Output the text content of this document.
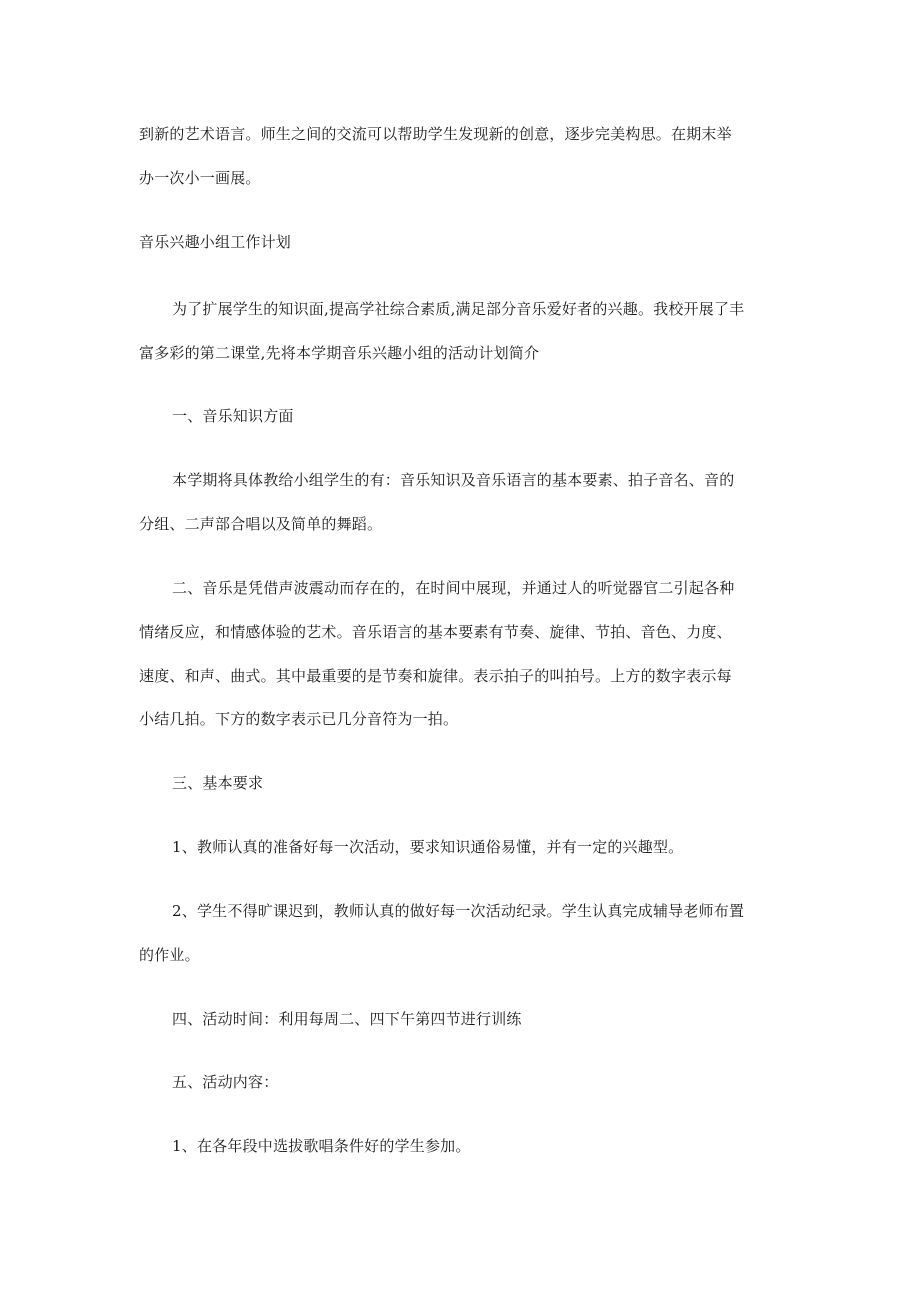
到新的艺术语言。师生之间的交流可以帮助学生发现新的创意，逐步完美构思。在期末举
办一次小一画展。
音乐兴趣小组工作计划
为了扩展学生的知识面,提高学社综合素质,满足部分音乐爱好者的兴趣。我校开展了丰
富多彩的第二课堂,先将本学期音乐兴趣小组的活动计划简介
一、音乐知识方面
本学期将具体教给小组学生的有：音乐知识及音乐语言的基本要素、拍子音名、音的
分组、二声部合唱以及简单的舞蹈。
二、音乐是凭借声波震动而存在的，在时间中展现，并通过人的听觉器官二引起各种
情绪反应，和情感体验的艺术。音乐语言的基本要素有节奏、旋律、节拍、音色、力度、
速度、和声、曲式。其中最重要的是节奏和旋律。表示拍子的叫拍号。上方的数字表示每
小结几拍。下方的数字表示已几分音符为一拍。
三、基本要求
1、教师认真的准备好每一次活动，要求知识通俗易懂，并有一定的兴趣型。
2、学生不得旷课迟到，教师认真的做好每一次活动纪录。学生认真完成辅导老师布置
的作业。
四、活动时间：利用每周二、四下午第四节进行训练
五、活动内容：
1、在各年段中选拔歌唱条件好的学生参加。
